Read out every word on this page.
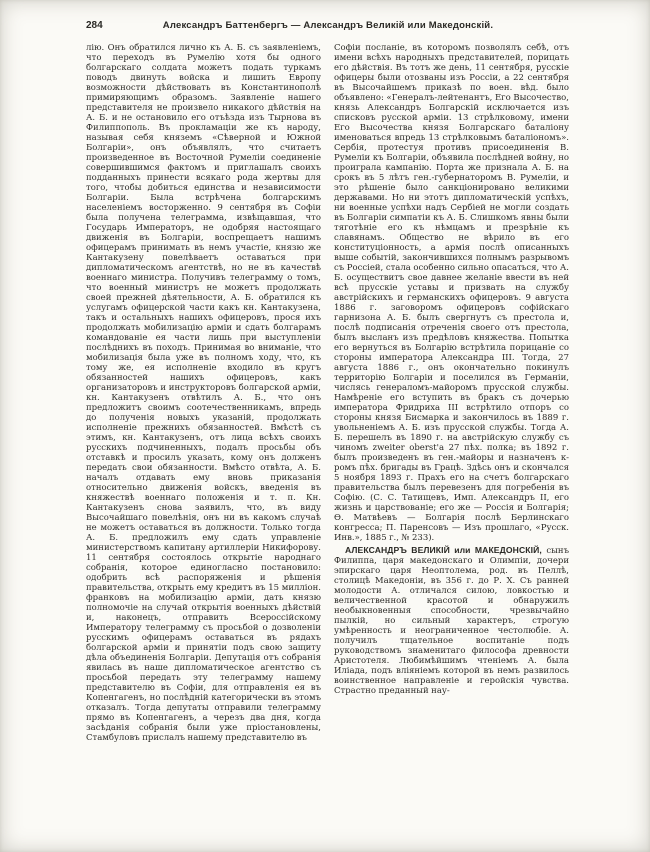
284	Александръ Баттенбергъ — Александръ Великій или Македонскій.

лію. Онъ обратился лично къ А. Б. съ заявленіемъ, что переходъ въ Румелію хотя бы одного болгарскаго солдата можетъ подать туркамъ поводъ двинуть войска и лишить Европу возможности дѣйствовать въ Константинополѣ примиряющимъ образомъ. Заявленіе нашего представителя не произвело никакого дѣйствія на А. Б. и не остановило его отъѣзда изъ Тырнова въ Филиппополь. Въ прокламаціи же къ народу, называя себя княземъ «Сѣверной и Южной Болгаріи», онъ объявлялъ, что считаетъ произведенное въ Восточной Румеліи соединеніе совершившимся фактомъ и приглашалъ своихъ подданныхъ принести всякаго рода жертвы для того, чтобы добиться единства и независимости Болгаріи. Была встрѣчена болгарскимъ населеніемъ восторженно. 9 сентября въ Софіи была получена телеграмма, извѣщавшая, что Государь Императоръ, не одобряя настоящаго движенія въ Болгаріи, воспрещаетъ нашимъ офицерамъ принимать въ немъ участіе, князю же Кантакузену повелѣваетъ оставаться при дипломатическомъ агентствѣ, но не въ качествѣ военнаго министра. Получивъ телеграмму о томъ, что военный министръ не можетъ продолжать своей прежней дѣятельности, А. Б. обратился къ услугамъ офицерской части какъ кн. Кантакузена, такъ и остальныхъ нашихъ офицеровъ, прося ихъ продолжать мобилизацію арміи и сдать болгарамъ командованіе ея части лишь при выступленіи послѣднихъ въ походъ. Принимая во вниманіе, что мобилизація была уже въ полномъ ходу, что, къ тому же, ея исполненіе входило въ кругъ обязанностей нашихъ офицеровъ, какъ организаторовъ и инструкторовъ болгарской арміи, кн. Кантакузенъ отвѣтилъ А. Б., что онъ предложитъ своимъ соотечественникамъ, впредь до полученія новыхъ указаній, продолжать исполненіе прежнихъ обязанностей. Вмѣстѣ съ этимъ, кн. Кантакузенъ, отъ лица всѣхъ своихъ русскихъ подчиненныхъ, подалъ просьбы объ отставкѣ и просилъ указать, кому онъ долженъ передать свои обязанности. Вмѣсто отвѣта, А. Б. началъ отдавать ему вновь приказанія относительно движенія войскъ, введенія въ княжествѣ военнаго положенія и т. п. Кн. Кантакузенъ снова заявилъ, что, въ виду Высочайшаго повелѣнія, онъ ни въ какомъ случаѣ не можетъ оставаться въ должности. Только тогда А. Б. предложилъ ему сдать управленіе министерствомъ капитану артиллеріи Никифорову. 11 сентября состоялось открытіе народнаго собранія, которое единогласно постановило: одобрить всѣ распоряженія и рѣшенія правительства, открыть ему кредитъ въ 15 милліон. франковъ на мобилизацію арміи, дать князю полномочіе на случай открытія военныхъ дѣйствій и, наконецъ, отправить Всероссійскому Императору телеграмму съ просьбой о дозволеніи русскимъ офицерамъ оставаться въ рядахъ болгарской арміи и принятіи подъ свою защиту дѣла объединенія Болгаріи. Депутація отъ собранія явилась въ наше дипломатическое агентство съ просьбой передать эту телеграмму нашему представителю въ Софіи, для отправленія ея въ Копенгагенъ, но послѣдній категорически въ этомъ отказалъ. Тогда депутаты отправили телеграмму прямо въ Копенгагенъ, а черезъ два дня, когда засѣданія собранія были уже пріостановлены, Стамбуловъ прислалъ нашему представителю въ

Софіи посланіе, въ которомъ позволялъ себѣ, отъ имени всѣхъ народныхъ представителей, порицать его дѣйствія. Въ тотъ же день, 11 сентября, русскіе офицеры были отозваны изъ Россіи, а 22 сентября въ Высочайшемъ приказѣ по воен. вѣд. было объявлено: «Генералъ-лейтенантъ, Его Высочество, князь Александръ Болгарскій исключается изъ списковъ русской арміи. 13 стрѣлковому, имени Его Высочества князя Болгарскаго баталіону именоваться впредь 13 стрѣлковымъ баталіономъ». Сербія, протестуя противъ присоединенія В. Румеліи къ Болгаріи, объявила послѣдней войну, но проиграла кампанію. Порта же признала А. Б. на срокъ въ 5 лѣтъ ген.-губернаторомъ В. Румеліи, и это рѣшеніе было санкціонировано великими державами. Но ни этотъ дипломатическій успѣхъ, ни военные успѣхи надъ Сербіей не могли создать въ Болгаріи симпатіи къ А. Б. Слишкомъ явны были тяготѣніе его къ нѣмцамъ и презрѣніе къ славянамъ. Общество не вѣрило въ его конституціонность, а армія послѣ описанныхъ выше событій, закончившихся полнымъ разрывомъ съ Россіей, стала особенно сильно опасаться, что А. Б. осуществитъ свое давнее желаніе ввести въ ней всѣ прусскіе уставы и призвать на службу австрійскихъ и германскихъ офицеровъ. 9 августа 1886 г. заговоромъ офицеровъ софійскаго гарнизона А. Б. былъ свергнутъ съ престола и, послѣ подписанія отреченія своего отъ престола, былъ высланъ изъ предѣловъ княжества. Попытка его вернуться въ Болгарію встрѣтила порицаніе со стороны императора Александра III. Тогда, 27 августа 1886 г., онъ окончательно покинулъ территорію Болгаріи и поселился въ Германіи, числясь генераломъ-майоромъ прусской службы. Намѣреніе его вступить въ бракъ съ дочерью императора Фридриха III встрѣтило отпоръ со стороны князя Бисмарка и закончилось въ 1889 г. увольненіемъ А. Б. изъ прусской службы. Тогда А. Б. перешелъ въ 1890 г. на австрійскую службу съ чиномъ zweiter oberst'а 27 пѣх. полка; въ 1892 г. былъ произведенъ въ ген.-майоры и назначенъ к-ромъ пѣх. бригады въ Грацѣ. Здѣсь онъ и скончался 5 ноября 1893 г. Прахъ его на счетъ болгарскаго правительства былъ перевезенъ для погребенія въ Софію. (С. С. Татищевъ, Имп. Александръ II, его жизнь и царствованіе; его же — Россія и Болгарія; Ѳ. Матвѣевъ — Болгарія послѣ Берлинскаго конгресса; П. Паренсовъ — Изъ прошлаго, «Русск. Инв.», 1885 г., № 233).

АЛЕКСАНДРЪ ВЕЛИКІЙ или МАКЕДОНСКІЙ, сынъ Филиппа, царя македонскаго и Олимпіи, дочери эпирскаго царя Неоптолема, род. въ Пеллѣ, столицѣ Македоніи, въ 356 г. до Р. Х. Съ ранней молодости А. отличался силою, ловкостью и величественной красотой и обнаружилъ необыкновенныя способности, чрезвычайно пылкій, но сильный характеръ, строгую умѣренность и неограниченное честолюбіе. А. получилъ тщательное воспитаніе подъ руководствомъ знаменитаго философа древности Аристотеля. Любимѣйшимъ чтеніемъ А. была Иліада, подъ вліяніемъ которой въ немъ развилось воинственное направленіе и геройскія чувства. Страстно преданный нау-
